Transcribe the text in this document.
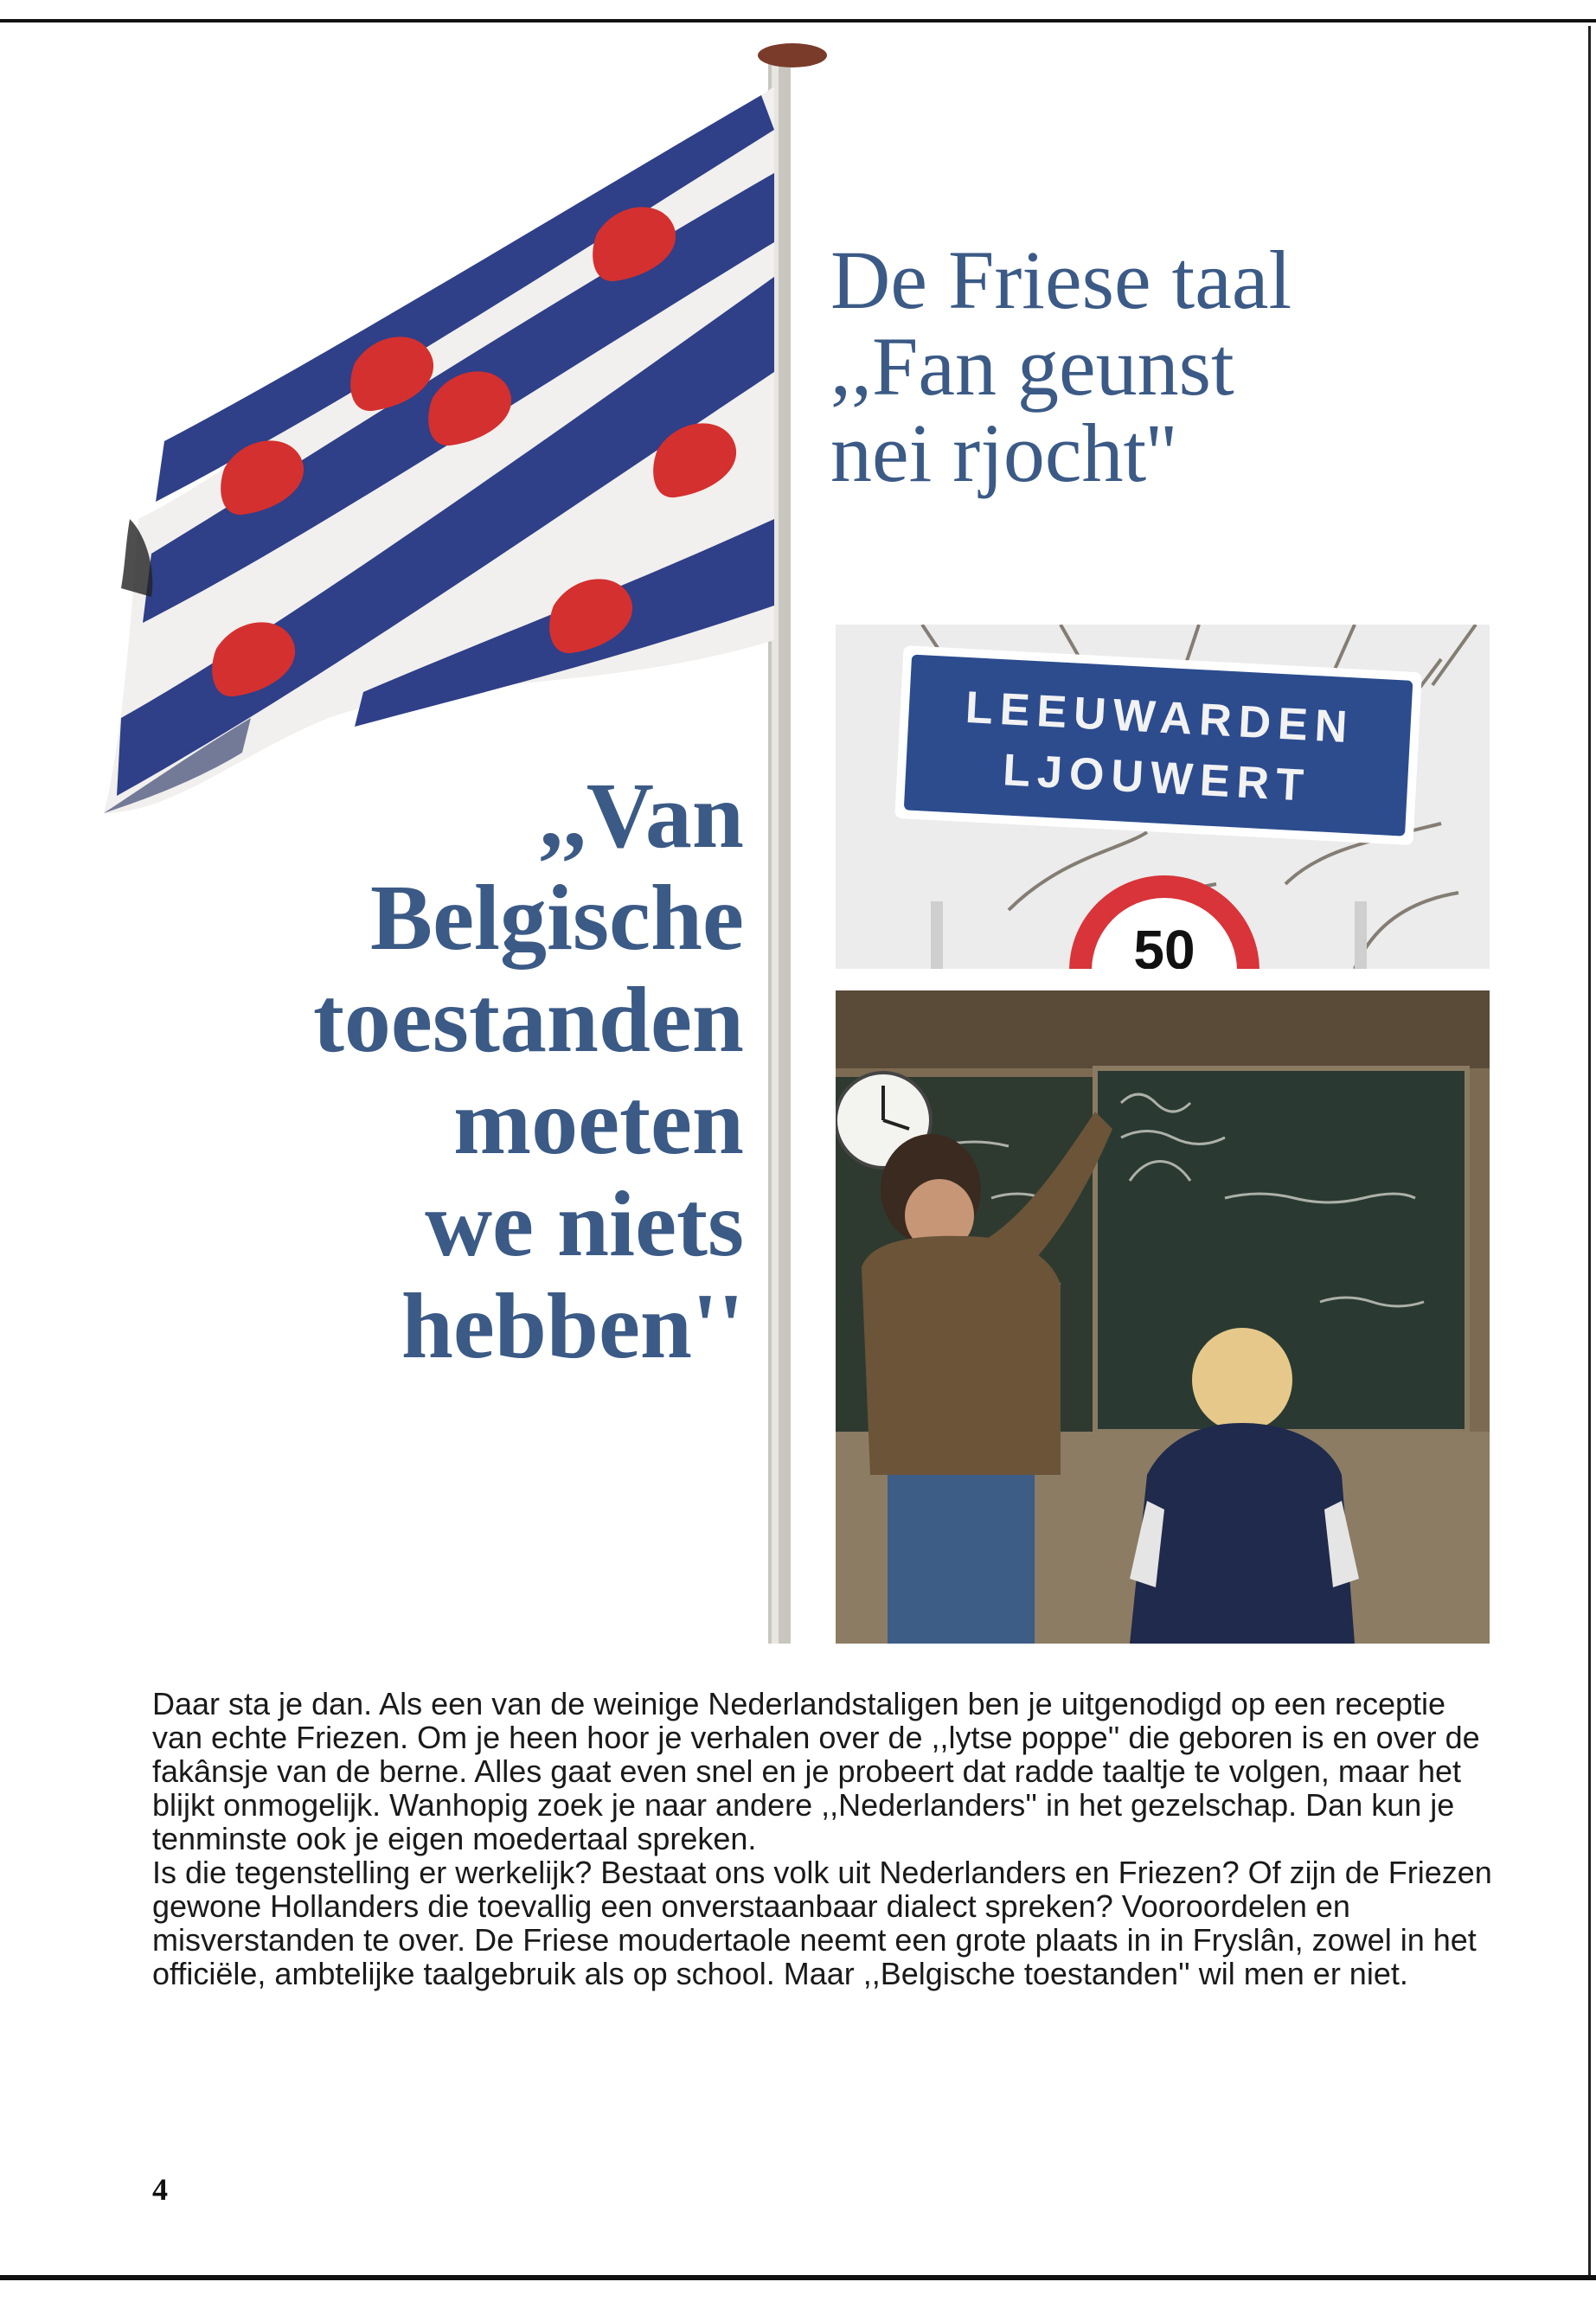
LEEUWARDEN
LJOUWERT
50
De Friese taal
,,Fan geunst
nei rjocht''
,,Van
Belgische
toestanden
moeten
we niets
hebben''

Daar sta je dan. Als een van de weinige Nederlandstaligen ben je uitgenodigd op een receptie van echte Friezen. Om je heen hoor je verhalen over de ,,lytse poppe'' die geboren is en over de fakânsje van de berne. Alles gaat even snel en je probeert dat radde taaltje te volgen, maar het blijkt onmogelijk. Wanhopig zoek je naar andere ,,Nederlanders'' in het gezelschap. Dan kun je tenminste ook je eigen moedertaal spreken.

Is die tegenstelling er werkelijk? Bestaat ons volk uit Nederlanders en Friezen? Of zijn de Friezen gewone Hollanders die toevallig een onverstaanbaar dialect spreken? Vooroordelen en misverstanden te over. De Friese moudertaole neemt een grote plaats in in Fryslân, zowel in het officiële, ambtelijke taalgebruik als op school. Maar ,,Belgische toestanden'' wil men er niet.

4
